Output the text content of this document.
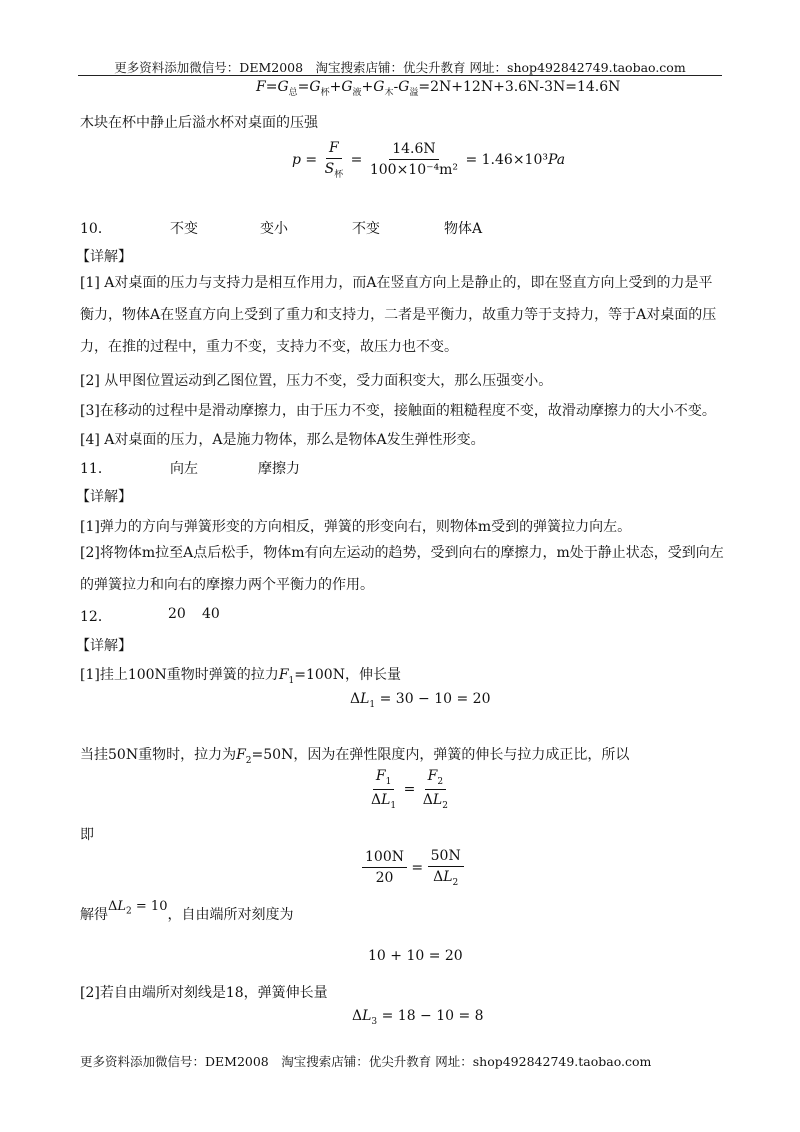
更多资料添加微信号：DEM2008　淘宝搜索店铺：优尖升教育 网址：shop492842749.taobao.com
$F=G_总=G_杯+G_液+G_木-G_溢=2N+12N+3.6N-3N=14.6N$
木块在杯中静止后溢水杯对桌面的压强
$p = \frac{F}{S_杯} = \frac{14.6N}{\text{100×10⁻⁴m²}} = 1.46\times 10^3Pa$
10．	不变	变小	不变	物体A
【详解】
[1] A对桌面的压力与支持力是相互作用力，而A在竖直方向上是静止的，即在竖直方向上受到的力是平衡力，物体A在竖直方向上受到了重力和支持力，二者是平衡力，故重力等于支持力，等于A对桌面的压力，在推的过程中，重力不变，支持力不变，故压力也不变。
[2] 从甲图位置运动到乙图位置，压力不变，受力面积变大，那么压强变小。
[3]在移动的过程中是滑动摩擦力，由于压力不变，接触面的粗糙程度不变，故滑动摩擦力的大小不变。
[4] A对桌面的压力，A是施力物体，那么是物体A发生弹性形变。
11．	向左	摩擦力
【详解】
[1]弹力的方向与弹簧形变的方向相反，弹簧的形变向右，则物体m受到的弹簧拉力向左。
[2]将物体m拉至A点后松手，物体m有向左运动的趋势，受到向右的摩擦力，m处于静止状态，受到向左的弹簧拉力和向右的摩擦力两个平衡力的作用。
12．	20 40
【详解】
[1]挂上100N重物时弹簧的拉力$F_1=100N$，伸长量
$\Delta L_1 = 30 - 10 = 20$
当挂50N重物时，拉力为$F_2=50N$，因为在弹性限度内，弹簧的伸长与拉力成正比，所以
$\frac{F_1}{\Delta L_1} = \frac{F_2}{\Delta L_2}$
即
$\frac{100N}{20} = \frac{50N}{\Delta L_2}$
解得$\Delta L_2 = 10$，自由端所对刻度为
10 + 10 = 20
[2]若自由端所对刻线是18，弹簧伸长量
$\Delta L_3 = 18 - 10 = 8$
更多资料添加微信号：DEM2008　淘宝搜索店铺：优尖升教育 网址：shop492842749.taobao.com
